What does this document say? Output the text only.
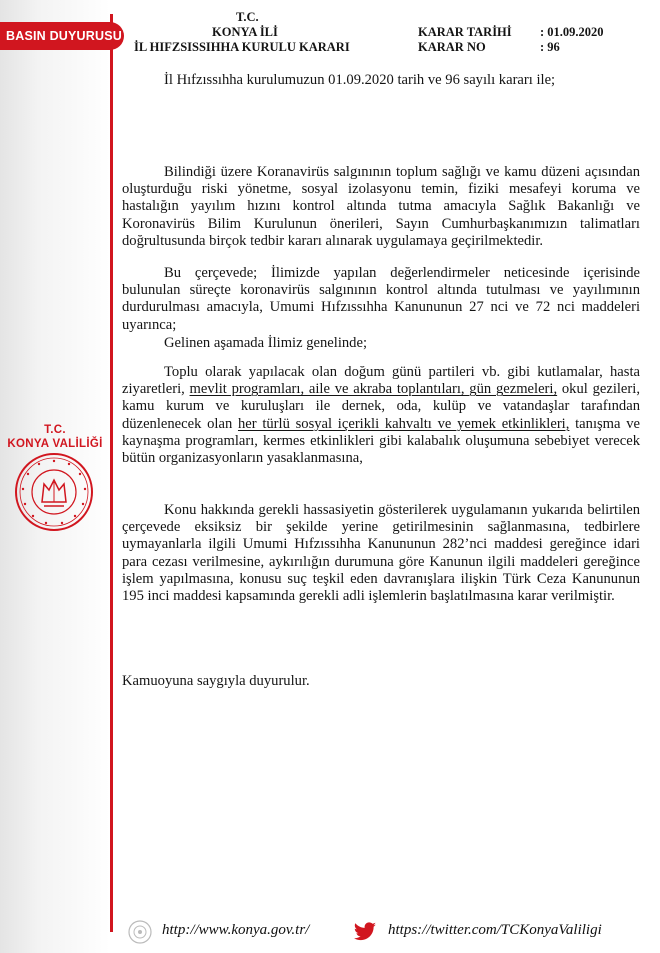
BASIN DUYURUSU
T.C.
KONYA VALİLİĞİ
T.C.
KONYA İLİ
İL HIFZSISSIHHA KURULU KARARI
KARAR TARİHİ : 01.09.2020
KARAR NO	: 96

İl Hıfzıssıhha kurulumuzun 01.09.2020 tarih ve 96 sayılı kararı ile;

Bilindiği üzere Koranavirüs salgınının toplum sağlığı ve kamu düzeni açısından oluşturduğu riski yönetme, sosyal izolasyonu temin, fiziki mesafeyi koruma ve hastalığın yayılım hızını kontrol altında tutma amacıyla Sağlık Bakanlığı ve Koronavirüs Bilim Kurulunun önerileri, Sayın Cumhurbaşkanımızın talimatları doğrultusunda birçok tedbir kararı alınarak uygulamaya geçirilmektedir.

Bu çerçevede; İlimizde yapılan değerlendirmeler neticesinde içerisinde bulunulan süreçte koronavirüs salgınının kontrol altında tutulması ve yayılımının durdurulması amacıyla, Umumi Hıfzıssıhha Kanununun 27 nci ve 72 nci maddeleri uyarınca;

Gelinen aşamada İlimiz genelinde;

Toplu olarak yapılacak olan doğum günü partileri vb. gibi kutlamalar, hasta ziyaretleri, mevlit programları, aile ve akraba toplantıları, gün gezmeleri, okul gezileri, kamu kurum ve kuruluşları ile dernek, oda, kulüp ve vatandaşlar tarafından düzenlenecek olan her türlü sosyal içerikli kahvaltı ve yemek etkinlikleri, tanışma ve kaynaşma programları, kermes etkinlikleri gibi kalabalık oluşumuna sebebiyet verecek bütün organizasyonların yasaklanmasına,

Konu hakkında gerekli hassasiyetin gösterilerek uygulamanın yukarıda belirtilen çerçevede eksiksiz bir şekilde yerine getirilmesinin sağlanmasına, tedbirlere uymayanlarla ilgili Umumi Hıfzıssıhha Kanununun 282’nci maddesi gereğince idari para cezası verilmesine, aykırılığın durumuna göre Kanunun ilgili maddeleri gereğince işlem yapılmasına, konusu suç teşkil eden davranışlara ilişkin Türk Ceza Kanununun 195 inci maddesi kapsamında gerekli adli işlemlerin başlatılmasına karar verilmiştir.

Kamuoyuna saygıyla duyurulur.

http://www.konya.gov.tr/	https://twitter.com/TCKonyaValiligi
